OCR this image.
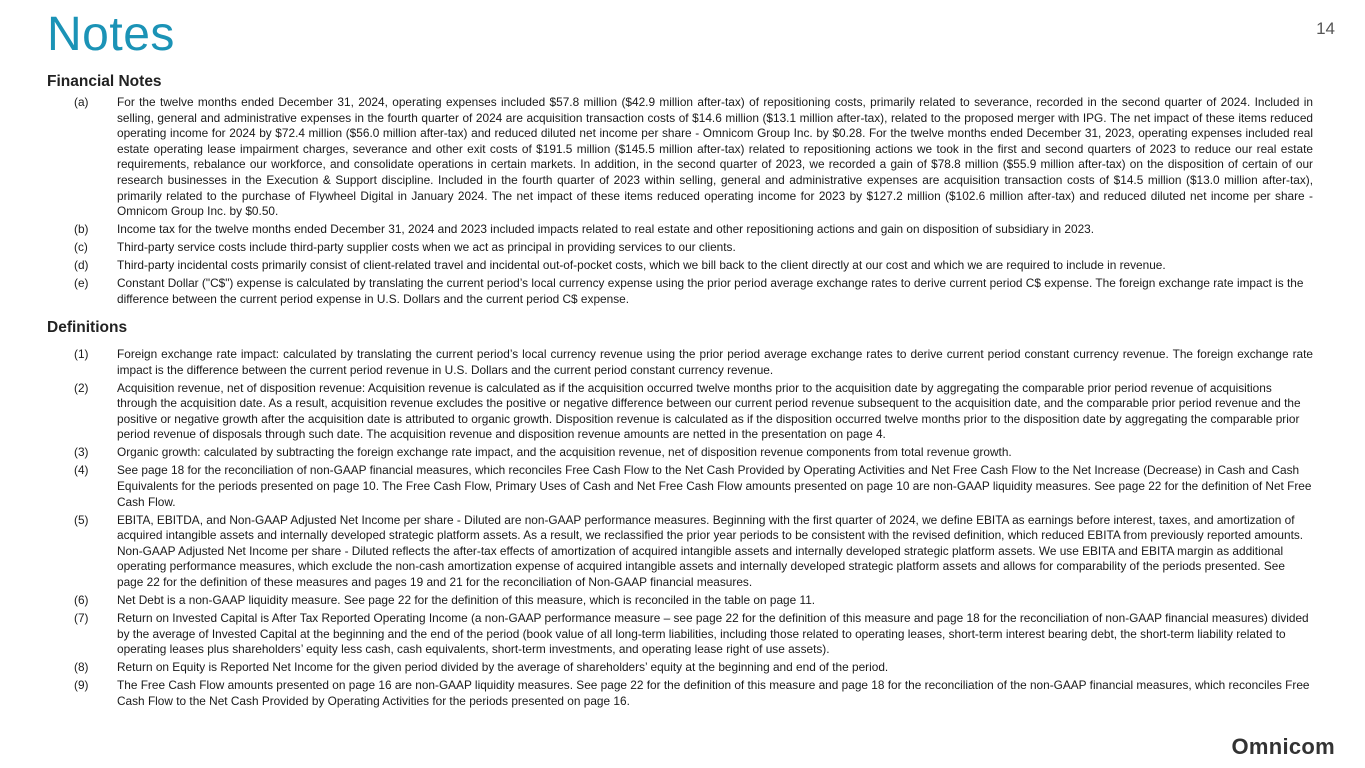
Notes	14
Financial Notes
(a)	For the twelve months ended December 31, 2024, operating expenses included $57.8 million ($42.9 million after-tax) of repositioning costs, primarily related to severance, recorded in the second quarter of 2024. Included in selling, general and administrative expenses in the fourth quarter of 2024 are acquisition transaction costs of $14.6 million ($13.1 million after-tax), related to the proposed merger with IPG. The net impact of these items reduced operating income for 2024 by $72.4 million ($56.0 million after-tax) and reduced diluted net income per share - Omnicom Group Inc. by $0.28. For the twelve months ended December 31, 2023, operating expenses included real estate operating lease impairment charges, severance and other exit costs of $191.5 million ($145.5 million after-tax) related to repositioning actions we took in the first and second quarters of 2023 to reduce our real estate requirements, rebalance our workforce, and consolidate operations in certain markets. In addition, in the second quarter of 2023, we recorded a gain of $78.8 million ($55.9 million after-tax) on the disposition of certain of our research businesses in the Execution & Support discipline. Included in the fourth quarter of 2023 within selling, general and administrative expenses are acquisition transaction costs of $14.5 million ($13.0 million after-tax), primarily related to the purchase of Flywheel Digital in January 2024. The net impact of these items reduced operating income for 2023 by $127.2 million ($102.6 million after-tax) and reduced diluted net income per share - Omnicom Group Inc. by $0.50.
(b)	Income tax for the twelve months ended December 31, 2024 and 2023 included impacts related to real estate and other repositioning actions and gain on disposition of subsidiary in 2023.
(c)	Third-party service costs include third-party supplier costs when we act as principal in providing services to our clients.
(d)	Third-party incidental costs primarily consist of client-related travel and incidental out-of-pocket costs, which we bill back to the client directly at our cost and which we are required to include in revenue.
(e)	Constant Dollar ("C$") expense is calculated by translating the current period’s local currency expense using the prior period average exchange rates to derive current period C$ expense. The foreign exchange rate impact is the difference between the current period expense in U.S. Dollars and the current period C$ expense.
Definitions
(1)	Foreign exchange rate impact: calculated by translating the current period’s local currency revenue using the prior period average exchange rates to derive current period constant currency revenue. The foreign exchange rate impact is the difference between the current period revenue in U.S. Dollars and the current period constant currency revenue.
(2)	Acquisition revenue, net of disposition revenue: Acquisition revenue is calculated as if the acquisition occurred twelve months prior to the acquisition date by aggregating the comparable prior period revenue of acquisitions through the acquisition date. As a result, acquisition revenue excludes the positive or negative difference between our current period revenue subsequent to the acquisition date, and the comparable prior period revenue and the positive or negative growth after the acquisition date is attributed to organic growth. Disposition revenue is calculated as if the disposition occurred twelve months prior to the disposition date by aggregating the comparable prior period revenue of disposals through such date. The acquisition revenue and disposition revenue amounts are netted in the presentation on page 4.
(3)	Organic growth: calculated by subtracting the foreign exchange rate impact, and the acquisition revenue, net of disposition revenue components from total revenue growth.
(4)	See page 18 for the reconciliation of non-GAAP financial measures, which reconciles Free Cash Flow to the Net Cash Provided by Operating Activities and Net Free Cash Flow to the Net Increase (Decrease) in Cash and Cash Equivalents for the periods presented on page 10. The Free Cash Flow, Primary Uses of Cash and Net Free Cash Flow amounts presented on page 10 are non-GAAP liquidity measures. See page 22 for the definition of Net Free Cash Flow.
(5)	EBITA, EBITDA, and Non-GAAP Adjusted Net Income per share - Diluted are non-GAAP performance measures. Beginning with the first quarter of 2024, we define EBITA as earnings before interest, taxes, and amortization of acquired intangible assets and internally developed strategic platform assets. As a result, we reclassified the prior year periods to be consistent with the revised definition, which reduced EBITA from previously reported amounts. Non-GAAP Adjusted Net Income per share - Diluted reflects the after-tax effects of amortization of acquired intangible assets and internally developed strategic platform assets. We use EBITA and EBITA margin as additional operating performance measures, which exclude the non-cash amortization expense of acquired intangible assets and internally developed strategic platform assets and allows for comparability of the periods presented. See page 22 for the definition of these measures and pages 19 and 21 for the reconciliation of Non-GAAP financial measures.
(6)	Net Debt is a non-GAAP liquidity measure. See page 22 for the definition of this measure, which is reconciled in the table on page 11.
(7)	Return on Invested Capital is After Tax Reported Operating Income (a non-GAAP performance measure – see page 22 for the definition of this measure and page 18 for the reconciliation of non-GAAP financial measures) divided by the average of Invested Capital at the beginning and the end of the period (book value of all long-term liabilities, including those related to operating leases, short-term interest bearing debt, the short-term liability related to operating leases plus shareholders’ equity less cash, cash equivalents, short-term investments, and operating lease right of use assets).
(8)	Return on Equity is Reported Net Income for the given period divided by the average of shareholders’ equity at the beginning and end of the period.
(9)	The Free Cash Flow amounts presented on page 16 are non-GAAP liquidity measures. See page 22 for the definition of this measure and page 18 for the reconciliation of the non-GAAP financial measures, which reconciles Free Cash Flow to the Net Cash Provided by Operating Activities for the periods presented on page 16.
Omnicom
